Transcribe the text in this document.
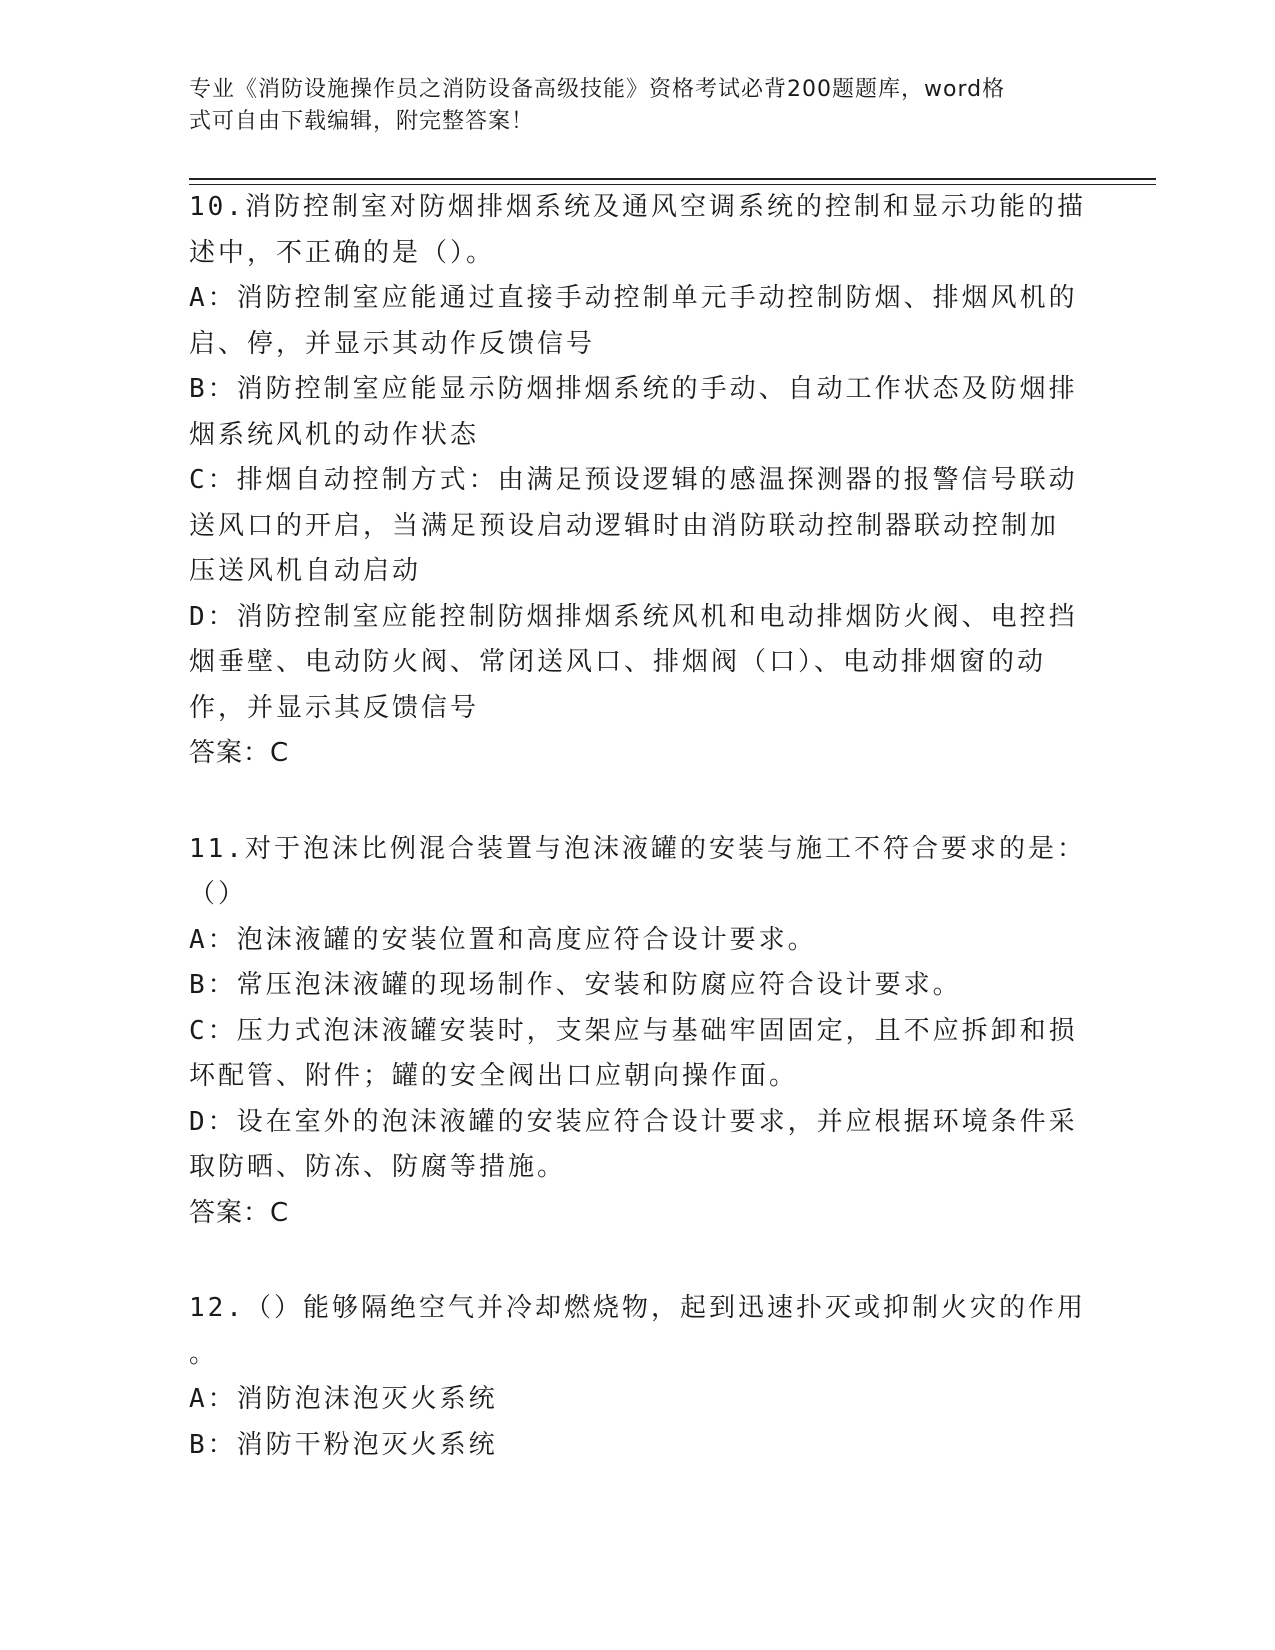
专业《消防设施操作员之消防设备高级技能》资格考试必背200题题库，word格
式可自由下载编辑，附完整答案！
10.消防控制室对防烟排烟系统及通风空调系统的控制和显示功能的描
述中，不正确的是（）。
A：消防控制室应能通过直接手动控制单元手动控制防烟、排烟风机的
启、停，并显示其动作反馈信号
B：消防控制室应能显示防烟排烟系统的手动、自动工作状态及防烟排
烟系统风机的动作状态
C：排烟自动控制方式：由满足预设逻辑的感温探测器的报警信号联动
送风口的开启，当满足预设启动逻辑时由消防联动控制器联动控制加
压送风机自动启动
D：消防控制室应能控制防烟排烟系统风机和电动排烟防火阀、电控挡
烟垂壁、电动防火阀、常闭送风口、排烟阀（口）、电动排烟窗的动
作，并显示其反馈信号
答案：C
11.对于泡沫比例混合装置与泡沫液罐的安装与施工不符合要求的是：
（）
A：泡沫液罐的安装位置和高度应符合设计要求。
B：常压泡沫液罐的现场制作、安装和防腐应符合设计要求。
C：压力式泡沫液罐安装时，支架应与基础牢固固定，且不应拆卸和损
坏配管、附件；罐的安全阀出口应朝向操作面。
D：设在室外的泡沫液罐的安装应符合设计要求，并应根据环境条件采
取防晒、防冻、防腐等措施。
答案：C
12.（）能够隔绝空气并冷却燃烧物，起到迅速扑灭或抑制火灾的作用
。
A：消防泡沫泡灭火系统
B：消防干粉泡灭火系统
